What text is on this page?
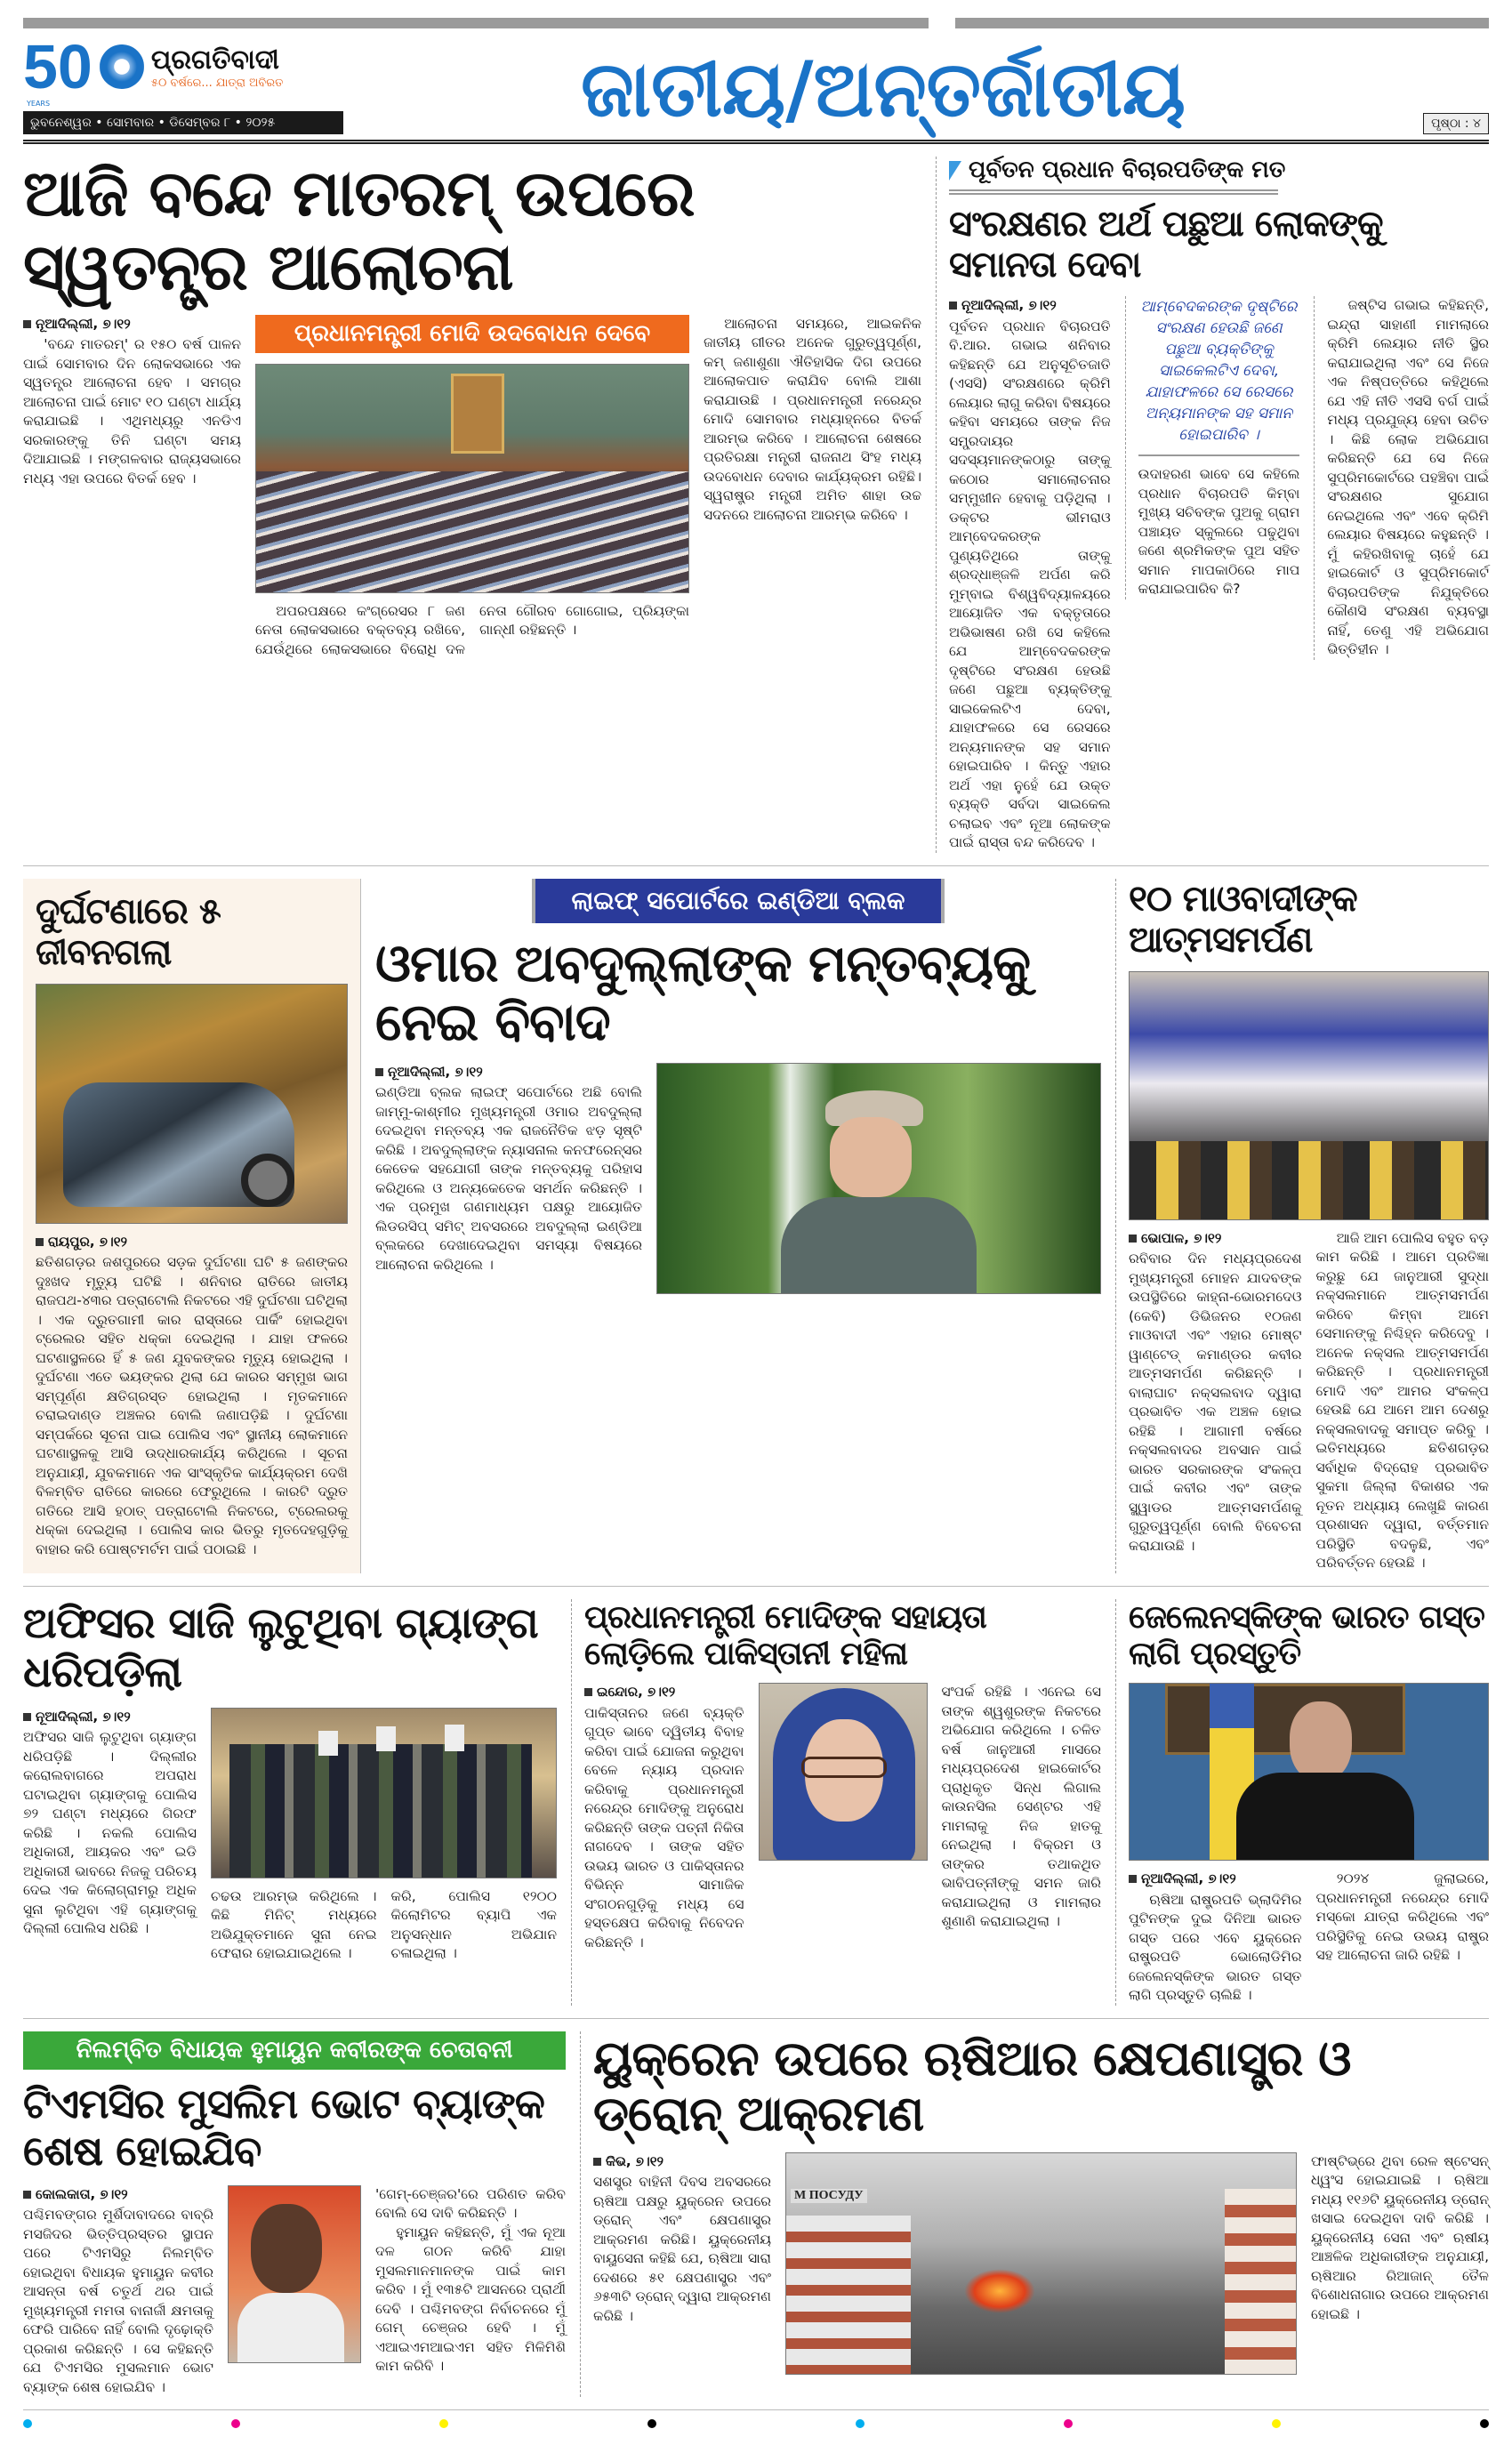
50 ପ୍ରଗତିବାଦୀ
୫୦ ବର୍ଷରେ... ଯାତ୍ରା ଅବିରତ
YEARS
ଭୁବନେଶ୍ୱର • ସୋମବାର • ଡିସେମ୍ବର ୮ • ୨୦୨୫	ଜାତୀୟ/ଅନ୍ତର୍ଜାତୀୟ	ପୃଷ୍ଠା : ୪
ଆଜି ବନ୍ଦେ ମାତରମ୍ ଉପରେ ସ୍ୱତନ୍ତ୍ର ଆଲୋଚନା

ନୂଆଦିଲ୍ଲୀ, ୭।୧୨

'ବନ୍ଦେ ମାତରମ୍' ର ୧୫୦ ବର୍ଷ ପାଳନ ପାଇଁ ସୋମବାର ଦିନ ଲୋକସଭାରେ ଏକ ସ୍ୱତନ୍ତ୍ର ଆଲୋଚନା ହେବ । ସମଗ୍ର ଆଲୋଚନା ପାଇଁ ମୋଟ ୧୦ ଘଣ୍ଟା ଧାର୍ଯ୍ୟ କରାଯାଇଛି । ଏଥିମଧ୍ୟରୁ ଏନଡିଏ ସରକାରଙ୍କୁ ତିନି ଘଣ୍ଟା ସମୟ ଦିଆଯାଇଛି । ମଙ୍ଗଳବାର ରାଜ୍ୟସଭାରେ ମଧ୍ୟ ଏହା ଉପରେ ବିତର୍କ ହେବ ।

ପ୍ରଧାନମନ୍ତ୍ରୀ ମୋଦି ଉଦବୋଧନ ଦେବେ

ଅପରପକ୍ଷରେ କଂଗ୍ରେସର ୮ ଜଣ ନେତା ଲୋକସଭାରେ ବକ୍ତବ୍ୟ ରଖିବେ, ଯେଉଁଥିରେ ଲୋକସଭାରେ ବିରୋଧି ଦଳ ନେତା ଗୌରବ ଗୋଗୋଇ, ପ୍ରିୟଙ୍କା ଗାନ୍ଧୀ ରହିଛନ୍ତି ।

ଆଲୋଚନା ସମୟରେ, ଆଇକନିକ ଜାତୀୟ ଗୀତର ଅନେକ ଗୁରୁତ୍ୱପୂର୍ଣ୍ଣ, କମ୍ ଜଣାଶୁଣା ଐତିହାସିକ ଦିଗ ଉପରେ ଆଲୋକପାତ କରାଯିବ ବୋଲି ଆଶା କରାଯାଉଛି । ପ୍ରଧାନମନ୍ତ୍ରୀ ନରେନ୍ଦ୍ର ମୋଦି ସୋମବାର ମଧ୍ୟାହ୍ନରେ ବିତର୍କ ଆରମ୍ଭ କରିବେ । ଆଲୋଚନା ଶେଷରେ ପ୍ରତିରକ୍ଷା ମନ୍ତ୍ରୀ ରାଜନାଥ ସିଂହ ମଧ୍ୟ ଉଦବୋଧନ ଦେବାର କାର୍ଯ୍ୟକ୍ରମ ରହିଛି। ସ୍ୱରାଷ୍ଟ୍ର ମନ୍ତ୍ରୀ ଅମିତ ଶାହା ଉଚ୍ଚ ସଦନରେ ଆଲୋଚନା ଆରମ୍ଭ କରିବେ ।

ପୂର୍ବତନ ପ୍ରଧାନ ବିଚାରପତିଙ୍କ ମତ
ସଂରକ୍ଷଣର ଅର୍ଥ ପଛୁଆ ଲୋକଙ୍କୁ ସମାନତା ଦେବା

ନୂଆଦିଲ୍ଲୀ, ୭।୧୨

ପୂର୍ବତନ ପ୍ରଧାନ ବିଚାରପତି ବି.ଆର. ଗଭାଇ ଶନିବାର କହିଛନ୍ତି ଯେ ଅନୁସୂଚିତଜାତି (ଏସସି) ସଂରକ୍ଷଣରେ କ୍ରିମି ଲେୟାର ଲାଗୁ କରିବା ବିଷୟରେ କହିବା ସମୟରେ ତାଙ୍କ ନିଜ ସମ୍ପ୍ରଦାୟର ସଦସ୍ୟମାନଙ୍କଠାରୁ ତାଙ୍କୁ କଠୋର ସମାଲୋଚନାର ସମ୍ମୁଖୀନ ହେବାକୁ ପଡ଼ିଥିଲା । ଡକ୍ଟର ଭୀମରାଓ ଆମ୍ବେଦକରଙ୍କ ପୁଣ୍ୟତିଥିରେ ତାଙ୍କୁ ଶ୍ରଦ୍ଧାଞ୍ଜଳି ଅର୍ପଣ କରି ମୁମ୍ବାଇ ବିଶ୍ୱବିଦ୍ୟାଳୟରେ ଆୟୋଜିତ ଏକ ବକ୍ତୃତାରେ ଅଭିଭାଷଣ ରଖି ସେ କହିଲେ ଯେ ଆମ୍ବେଦକରଙ୍କ ଦୃଷ୍ଟିରେ ସଂରକ୍ଷଣ ହେଉଛି ଜଣେ ପଛୁଆ ବ୍ୟକ୍ତିଙ୍କୁ ସାଇକେଲଟିଏ ଦେବା, ଯାହାଫଳରେ ସେ ରେସରେ ଅନ୍ୟମାନଙ୍କ ସହ ସମାନ ହୋଇପାରିବ । କିନ୍ତୁ ଏହାର ଅର୍ଥ ଏହା ନୁହେଁ ଯେ ଉକ୍ତ ବ୍ୟକ୍ତି ସର୍ବଦା ସାଇକେଲ ଚଲାଇବ ଏବଂ ନୂଆ ଲୋକଙ୍କ ପାଇଁ ରାସ୍ତା ବନ୍ଦ କରିଦେବ ।

ଆମ୍ବେଦକରଙ୍କ ଦୃଷ୍ଟିରେ ସଂରକ୍ଷଣ ହେଉଛି ଜଣେ ପଛୁଆ ବ୍ୟକ୍ତିଙ୍କୁ ସାଇକେଲଟିଏ ଦେବା, ଯାହାଫଳରେ ସେ ରେସରେ ଅନ୍ୟମାନଙ୍କ ସହ ସମାନ ହୋଇପାରିବ ।

ଉଦାହରଣ ଭାବେ ସେ କହିଲେ ପ୍ରଧାନ ବିଚାରପତି କିମ୍ବା ମୁଖ୍ୟ ସଚିବଙ୍କ ପୁଅକୁ ଗ୍ରାମ ପଞ୍ଚାୟତ ସ୍କୁଲରେ ପଢୁଥିବା ଜଣେ ଶ୍ରମିକଙ୍କ ପୁଅ ସହିତ ସମାନ ମାପକାଠିରେ ମାପ କରାଯାଇପାରିବ କି?

ଜଷ୍ଟିସ ଗଭାଇ କହିଛନ୍ତି, ଇନ୍ଦ୍ରା ସାହାଣୀ ମାମଲାରେ କ୍ରିମି ଲେୟାର ନୀତି ସ୍ଥିର କରାଯାଇଥିଲା ଏବଂ ସେ ନିଜେ ଏକ ନିଷ୍ପତ୍ତିରେ କହିଥିଲେ ଯେ ଏହି ନୀତି ଏସସି ବର୍ଗ ପାଇଁ ମଧ୍ୟ ପ୍ରଯୁଜ୍ୟ ହେବା ଉଚିତ । କିଛି ଲୋକ ଅଭିଯୋଗ କରିଛନ୍ତି ଯେ ସେ ନିଜେ ସୁପ୍ରିମକୋର୍ଟରେ ପହଞ୍ଚିବା ପାଇଁ ସଂରକ୍ଷଣର ସୁଯୋଗ ନେଇଥିଲେ ଏବଂ ଏବେ କ୍ରିମି ଲେୟାର ବିଷୟରେ କହୁଛନ୍ତି । ମୁଁ କହିରଖିବାକୁ ଚାହେଁ ଯେ ହାଇକୋର୍ଟ ଓ ସୁପ୍ରିମକୋର୍ଟ ବିଚାରପତିଙ୍କ ନିଯୁକ୍ତିରେ କୌଣସି ସଂରକ୍ଷଣ ବ୍ୟବସ୍ଥା ନାହିଁ, ତେଣୁ ଏହି ଅଭିଯୋଗ ଭିତ୍ତିହୀନ ।

ଦୁର୍ଘଟଣାରେ ୫ ଜୀବନଗଲା

ରାୟପୁର, ୭।୧୨

ଛତିଶଗଡ଼ର ଜଶପୁରରେ ସଡ଼କ ଦୁର୍ଘଟଣା ଘଟି ୫ ଜଣଙ୍କର ଦୁଃଖଦ ମୃତ୍ୟୁ ଘଟିଛି । ଶନିବାର ରାତିରେ ଜାତୀୟ ରାଜପଥ-୪୩ର ପତ୍ରାଟୋଲି ନିକଟରେ ଏହି ଦୁର୍ଘଟଣା ଘଟିଥିଲା । ଏକ ଦ୍ରୁତଗାମୀ କାର ରାସ୍ତାରେ ପାର୍କିଂ ହୋଇଥିବା ଟ୍ରେଲର ସହିତ ଧକ୍କା ଦେଇଥିଲା । ଯାହା ଫଳରେ ଘଟଣାସ୍ଥଳରେ ହିଁ ୫ ଜଣ ଯୁବକଙ୍କର ମୃତ୍ୟୁ ହୋଇଥିଲା । ଦୁର୍ଘଟଣା ଏତେ ଭୟଙ୍କର ଥିଲା ଯେ କାରର ସମ୍ମୁଖ ଭାଗ ସମ୍ପୂର୍ଣ୍ଣ କ୍ଷତିଗ୍ରସ୍ତ ହୋଇଥିଲା । ମୃତକମାନେ ଚରାଇଦାଣ୍ଡ ଅଞ୍ଚଳର ବୋଲି ଜଣାପଡ଼ିଛି । ଦୁର୍ଘଟଣା ସମ୍ପର୍କରେ ସୂଚନା ପାଇ ପୋଲିସ ଏବଂ ସ୍ଥାନୀୟ ଲୋକମାନେ ଘଟଣାସ୍ଥଳକୁ ଆସି ଉଦ୍ଧାରକାର୍ଯ୍ୟ କରିଥିଲେ । ସୂଚନା ଅନୁଯାୟୀ, ଯୁବକମାନେ ଏକ ସାଂସ୍କୃତିକ କାର୍ଯ୍ୟକ୍ରମ ଦେଖି ବିଳମ୍ବିତ ରାତିରେ କାରରେ ଫେରୁଥିଲେ । କାରଟି ଦ୍ରୁତ ଗତିରେ ଆସି ହଠାତ୍ ପତ୍ରାଟୋଲି ନିକଟରେ, ଟ୍ରେଲରକୁ ଧକ୍କା ଦେଇଥିଲା । ପୋଲିସ କାର ଭିତରୁ ମୃତଦେହଗୁଡ଼ିକୁ ବାହାର କରି ପୋଷ୍ଟମର୍ଟମ ପାଇଁ ପଠାଇଛି ।

ଲାଇଫ୍ ସପୋର୍ଟରେ ଇଣ୍ଡିଆ ବ୍ଲକ
ଓମାର ଅବଦୁଲ୍ଲାଙ୍କ ମନ୍ତବ୍ୟକୁ ନେଇ ବିବାଦ

ନୂଆଦିଲ୍ଲୀ, ୭।୧୨

ଇଣ୍ଡିଆ ବ୍ଲକ ଲାଇଫ୍ ସପୋର୍ଟରେ ଅଛି ବୋଲି ଜାମ୍ମୁ-କାଶ୍ମୀର ମୁଖ୍ୟମନ୍ତ୍ରୀ ଓମାର ଅବଦୁଲ୍ଲା ଦେଇଥିବା ମନ୍ତବ୍ୟ ଏକ ରାଜନୈତିକ ଝଡ଼ ସୃଷ୍ଟି କରିଛି । ଅବଦୁଲ୍ଲାଙ୍କ ନ୍ୟାସନାଲ କନଫରେନ୍ସର କେତେକ ସହଯୋଗୀ ତାଙ୍କ ମନ୍ତବ୍ୟକୁ ପରିହାସ କରିଥିଲେ ଓ ଅନ୍ୟକେତେକ ସମର୍ଥନ କରିଛନ୍ତି । ଏକ ପ୍ରମୁଖ ଗଣମାଧ୍ୟମ ପକ୍ଷରୁ ଆୟୋଜିତ ଲିଡରସିପ୍ ସମିଟ୍ ଅବସରରେ ଅବଦୁଲ୍ଲା ଇଣ୍ଡିଆ ବ୍ଲକରେ ଦେଖାଦେଇଥିବା ସମସ୍ୟା ବିଷୟରେ ଆଲୋଚନା କରିଥିଲେ ।

୧୦ ମାଓବାଦୀଙ୍କ ଆତ୍ମସମର୍ପଣ

ଭୋପାଳ, ୭।୧୨

ରବିବାର ଦିନ ମଧ୍ୟପ୍ରଦେଶ ମୁଖ୍ୟମନ୍ତ୍ରୀ ମୋହନ ଯାଦବଙ୍କ ଉପସ୍ଥିତିରେ କାହ୍ନା-ଭୋରମଦେଓ (କେବି) ଡିଭିଜନର ୧୦ଜଣ ମାଓବାଦୀ ଏବଂ ଏହାର ମୋଷ୍ଟ ୱାଣ୍ଟେଡ୍ କମାଣ୍ଡର କବୀର ଆତ୍ମସମର୍ପଣ କରିଛନ୍ତି । ବାଲାଘାଟ ନକ୍ସଲବାଦ ଦ୍ୱାରା ପ୍ରଭାବିତ ଏକ ଅଞ୍ଚଳ ହୋଇ ରହିଛି । ଆଗାମୀ ବର୍ଷରେ ନକ୍ସଲବାଦର ଅବସାନ ପାଇଁ ଭାରତ ସରକାରଙ୍କ ସଂକଳ୍ପ ପାଇଁ କବୀର ଏବଂ ତାଙ୍କ ସ୍କ୍ୱାଡର ଆତ୍ମସମର୍ପଣକୁ ଗୁରୁତ୍ୱପୂର୍ଣ୍ଣ ବୋଲି ବିବେଚନା କରାଯାଉଛି ।

ଆଜି ଆମ ପୋଲିସ ବହୁତ ବଡ଼ କାମ କରିଛି । ଆମେ ପ୍ରତିଜ୍ଞା କରୁଛୁ ଯେ ଜାନୁଆରୀ ସୁଦ୍ଧା ନକ୍ସଲମାନେ ଆତ୍ମସମର୍ପଣ କରିବେ କିମ୍ବା ଆମେ ସେମାନଙ୍କୁ ନିଶ୍ଚିହ୍ନ କରିଦେବୁ । ଅନେକ ନକ୍ସଲ ଆତ୍ମସମର୍ପଣ କରିଛନ୍ତି । ପ୍ରଧାନମନ୍ତ୍ରୀ ମୋଦି ଏବଂ ଆମର ସଂକଳ୍ପ ହେଉଛି ଯେ ଆମେ ଆମ ଦେଶରୁ ନକ୍ସଲବାଦକୁ ସମାପ୍ତ କରିବୁ । ଇତିମଧ୍ୟରେ ଛତିଶଗଡ଼ର ସର୍ବାଧିକ ବିଦ୍ରୋହ ପ୍ରଭାବିତ ସୁକମା ଜିଲ୍ଲା ବିକାଶର ଏକ ନୂତନ ଅଧ୍ୟାୟ ଲେଖୁଛି କାରଣ ପ୍ରଶାସନ ଦ୍ୱାରା, ବର୍ତ୍ତମାନ ପରିସ୍ଥିତି ବଦଳୁଛି, ଏବଂ ପରିବର୍ତ୍ତନ ହେଉଛି ।

ଅଫିସର ସାଜି ଲୁଟୁଥିବା ଗ୍ୟାଙ୍ଗ ଧରିପଡ଼ିଲା

ନୂଆଦିଲ୍ଲୀ, ୭।୧୨

ଅଫିସର ସାଜି ଲୁଟୁଥିବା ଗ୍ୟାଙ୍ଗ ଧରିପଡ଼ିଛି । ଦିଲ୍ଲୀର କରୋଲବାଗରେ ଅପରାଧ ଘଟାଇଥିବା ଗ୍ୟାଙ୍ଗକୁ ପୋଲିସ ୭୨ ଘଣ୍ଟା ମଧ୍ୟରେ ଗିରଫ କରିଛି । ନକଲି ପୋଲିସ ଅଧିକାରୀ, ଆୟକର ଏବଂ ଇଡି ଅଧିକାରୀ ଭାବରେ ନିଜକୁ ପରିଚୟ ଦେଇ ଏକ କିଲୋଗ୍ରାମରୁ ଅଧିକ ସୁନା ଲୁଟିଥିବା ଏହି ଗ୍ୟାଙ୍ଗକୁ ଦିଲ୍ଲୀ ପୋଲିସ ଧରିଛି ।

ଚଢଉ ଆରମ୍ଭ କରିଥିଲେ । କିଛି ମିନିଟ୍ ମଧ୍ୟରେ ଅଭିଯୁକ୍ତମାନେ ସୁନା ନେଇ ଫେରାର ହୋଇଯାଇଥିଲେ ।

କରି, ପୋଲିସ ୧୨୦୦ କିଲୋମିଟର ବ୍ୟାପି ଏକ ଅନୁସନ୍ଧାନ ଅଭିଯାନ ଚଳାଇଥିଲା ।

ପ୍ରଧାନମନ୍ତ୍ରୀ ମୋଦିଙ୍କ ସହାୟତା ଲୋଡ଼ିଲେ ପାକିସ୍ତାନୀ ମହିଳା

ଇନ୍ଦୋର, ୭।୧୨

ପାକିସ୍ତାନର ଜଣେ ବ୍ୟକ୍ତି ଗୁପ୍ତ ଭାବେ ଦ୍ୱିତୀୟ ବିବାହ କରିବା ପାଇଁ ଯୋଜନା କରୁଥିବା ବେଳେ ନ୍ୟାୟ ପ୍ରଦାନ କରିବାକୁ ପ୍ରଧାନମନ୍ତ୍ରୀ ନରେନ୍ଦ୍ର ମୋଦିଙ୍କୁ ଅନୁରୋଧ କରିଛନ୍ତି ତାଙ୍କ ପତ୍ନୀ ନିକିତା ନାଗଦେବ । ତାଙ୍କ ସହିତ ଉଭୟ ଭାରତ ଓ ପାକିସ୍ତାନର ବିଭିନ୍ନ ସାମାଜିକ ସଂଗଠନଗୁଡ଼ିକୁ ମଧ୍ୟ ସେ ହସ୍ତକ୍ଷେପ କରିବାକୁ ନିବେଦନ କରିଛନ୍ତି ।

ସଂପର୍କ ରହିଛି । ଏନେଇ ସେ ତାଙ୍କ ଶ୍ୱଶୁରଙ୍କ ନିକଟରେ ଅଭିଯୋଗ କରିଥିଲେ । ଚଳିତ ବର୍ଷ ଜାନୁଆରୀ ମାସରେ ମଧ୍ୟପ୍ରଦେଶ ହାଇକୋର୍ଟର ପ୍ରାଧିକୃତ ସିନ୍ଧ ଲିଗାଲ କାଉନସିଲ ସେଣ୍ଟର ଏହି ମାମଲାକୁ ନିଜ ହାତକୁ ନେଇଥିଲା । ବିକ୍ରମ ଓ ତାଙ୍କର ତଥାକଥିତ ଭାବିପତ୍ନୀଙ୍କୁ ସମନ ଜାରି କରାଯାଇଥିଲା ଓ ମାମଲାର ଶୁଣାଣି କରାଯାଇଥିଲା ।

ଜେଲେନସ୍କିଙ୍କ ଭାରତ ଗସ୍ତ ଲାଗି ପ୍ରସ୍ତୁତି

ନୂଆଦିଲ୍ଲୀ, ୭।୧୨

ଋଷିଆ ରାଷ୍ଟ୍ରପତି ଭ୍ଲାଦିମିର ପୁଟିନଙ୍କ ଦୁଇ ଦିନିଆ ଭାରତ ଗସ୍ତ ପରେ ଏବେ ୟୁକ୍ରେନ ରାଷ୍ଟ୍ରପତି ଭୋଲୋଡିମିର ଜେଲେନସ୍କିଙ୍କ ଭାରତ ଗସ୍ତ ଲାଗି ପ୍ରସ୍ତୁତି ଚାଲିଛି ।

୨୦୨୪ ଜୁଲାଇରେ, ପ୍ରଧାନମନ୍ତ୍ରୀ ନରେନ୍ଦ୍ର ମୋଦି ମସ୍କୋ ଯାତ୍ରା କରିଥିଲେ ଏବଂ ପରିସ୍ଥିତିକୁ ନେଇ ଉଭୟ ରାଷ୍ଟ୍ର ସହ ଆଲୋଚନା ଜାରି ରହିଛି ।

ନିଲମ୍ବିତ ବିଧାୟକ ହୁମାୟୁନ କବୀରଙ୍କ ଚେତାବନୀ
ଟିଏମସିର ମୁସଲିମ ଭୋଟ ବ୍ୟାଙ୍କ ଶେଷ ହୋଇଯିବ

କୋଲକାତା, ୭।୧୨

ପଶ୍ଚିମବଙ୍ଗର ମୁର୍ଶିଦାବାଦରେ ବାବ୍ରି ମସଜିଦର ଭିତ୍ତିପ୍ରସ୍ତର ସ୍ଥାପନ ପରେ ଟିଏମସିରୁ ନିଲମ୍ବିତ ହୋଇଥିବା ବିଧାୟକ ହୁମାୟୁନ କବୀର ଆସନ୍ତା ବର୍ଷ ଚତୁର୍ଥ ଥର ପାଇଁ ମୁଖ୍ୟମନ୍ତ୍ରୀ ମମତା ବାନାର୍ଜୀ କ୍ଷମତାକୁ ଫେରି ପାରିବେ ନାହିଁ ବୋଲି ଦୃଢ଼ୋକ୍ତି ପ୍ରକାଶ କରିଛନ୍ତି । ସେ କହିଛନ୍ତି ଯେ ଟିଏମସିର ମୁସଲମାନ ଭୋଟ ବ୍ୟାଙ୍କ ଶେଷ ହୋଇଯିବ ।

'ଗେମ୍-ଚେଞ୍ଜର'ରେ ପରିଣତ କରିବ ବୋଲି ସେ ଦାବି କରିଛନ୍ତି ।

ହୁମାୟୁନ କହିଛନ୍ତି, ମୁଁ ଏକ ନୂଆ ଦଳ ଗଠନ କରିବି ଯାହା ମୁସଲମାନମାନଙ୍କ ପାଇଁ କାମ କରିବ । ମୁଁ ୧୩୫ଟି ଆସନରେ ପ୍ରାର୍ଥୀ ଦେବି । ପଶ୍ଚିମବଙ୍ଗ ନିର୍ବାଚନରେ ମୁଁ ଗେମ୍ ଚେଞ୍ଜର ହେବି । ମୁଁ ଏଆଇଏମଆଇଏମ ସହିତ ମିଳିମିଶି କାମ କରିବି ।

ୟୁକ୍ରେନ ଉପରେ ଋଷିଆର କ୍ଷେପଣାସ୍ତ୍ର ଓ ଡ୍ରୋନ୍ ଆକ୍ରମଣ

କିଭ, ୭।୧୨

ସଶସ୍ତ୍ର ବାହିନୀ ଦିବସ ଅବସରରେ ଋଷିଆ ପକ୍ଷରୁ ୟୁକ୍ରେନ ଉପରେ ଡ୍ରୋନ୍ ଏବଂ କ୍ଷେପଣାସ୍ତ୍ର ଆକ୍ରମଣ କରିଛି। ୟୁକ୍ରେନୀୟ ବାୟୁସେନା କହିଛି ଯେ, ଋଷିଆ ସାରା ଦେଶରେ ୫୧ କ୍ଷେପଣାସ୍ତ୍ର ଏବଂ ୬୫୩ଟି ଡ୍ରୋନ୍ ଦ୍ୱାରା ଆକ୍ରମଣ କରିଛି ।

М ПОСУДУ

ଫାଷ୍ଟିଭ୍ରେ ଥିବା ରେଳ ଷ୍ଟେସନ୍ ଧ୍ୱଂସ ହୋଇଯାଇଛି । ଋଷିଆ ମଧ୍ୟ ୧୧୬ଟି ୟୁକ୍ରେନୀୟ ଡ୍ରୋନ୍ ଖସାଇ ଦେଇଥିବା ଦାବି କରିଛି । ୟୁକ୍ରେନୀୟ ସେନା ଏବଂ ଋଷୀୟ ଆଞ୍ଚଳିକ ଅଧିକାରୀଙ୍କ ଅନୁଯାୟୀ, ଋଷିଆର ରିଆଜାନ୍ ତୈଳ ବିଶୋଧନାଗାର ଉପରେ ଆକ୍ରମଣ ହୋଇଛି ।
